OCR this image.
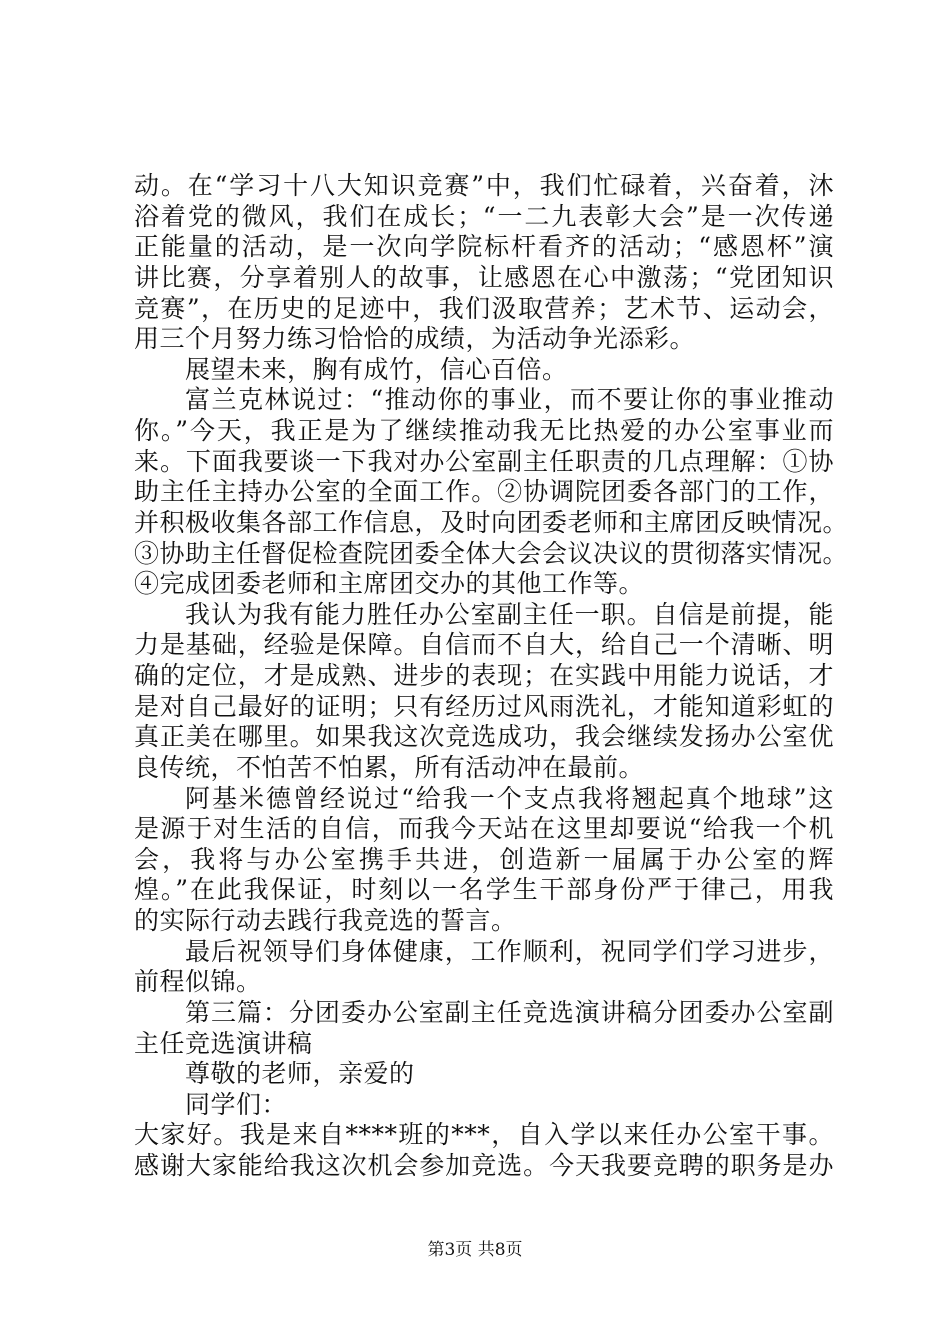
动。在“学习十八大知识竞赛”中，我们忙碌着，兴奋着，沐
浴着党的微风，我们在成长；“一二九表彰大会”是一次传递
正能量的活动，是一次向学院标杆看齐的活动；“感恩杯”演
讲比赛，分享着别人的故事，让感恩在心中激荡；“党团知识
竞赛”，在历史的足迹中，我们汲取营养；艺术节、运动会，
用三个月努力练习恰恰的成绩，为活动争光添彩。
展望未来，胸有成竹，信心百倍。
富兰克林说过：“推动你的事业，而不要让你的事业推动
你。”今天，我正是为了继续推动我无比热爱的办公室事业而
来。下面我要谈一下我对办公室副主任职责的几点理解：①协
助主任主持办公室的全面工作。②协调院团委各部门的工作，
并积极收集各部工作信息，及时向团委老师和主席团反映情况。
③协助主任督促检查院团委全体大会会议决议的贯彻落实情况。
④完成团委老师和主席团交办的其他工作等。
我认为我有能力胜任办公室副主任一职。自信是前提，能
力是基础，经验是保障。自信而不自大，给自己一个清晰、明
确的定位，才是成熟、进步的表现；在实践中用能力说话，才
是对自己最好的证明；只有经历过风雨洗礼，才能知道彩虹的
真正美在哪里。如果我这次竞选成功，我会继续发扬办公室优
良传统，不怕苦不怕累，所有活动冲在最前。
阿基米德曾经说过“给我一个支点我将翘起真个地球”这
是源于对生活的自信，而我今天站在这里却要说“给我一个机
会，我将与办公室携手共进，创造新一届属于办公室的辉
煌。”在此我保证，时刻以一名学生干部身份严于律己，用我
的实际行动去践行我竞选的誓言。
最后祝领导们身体健康，工作顺利，祝同学们学习进步，
前程似锦。
第三篇：分团委办公室副主任竞选演讲稿分团委办公室副
主任竞选演讲稿
尊敬的老师，亲爱的
同学们：
大家好。我是来自****班的***，自入学以来任办公室干事。
感谢大家能给我这次机会参加竞选。今天我要竞聘的职务是办
第3页 共8页
